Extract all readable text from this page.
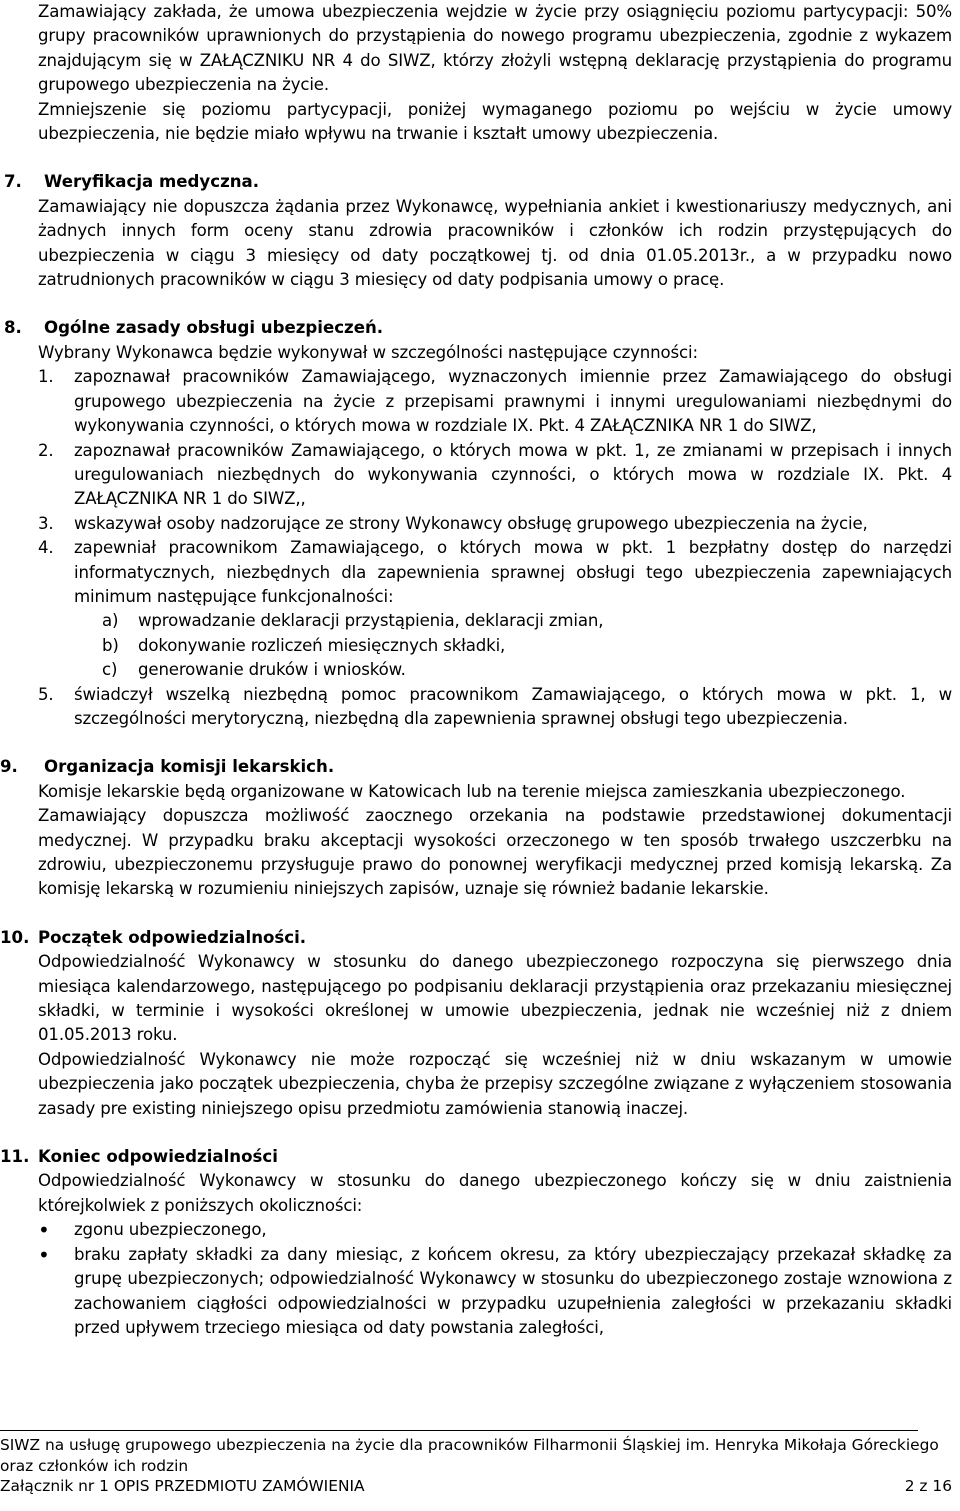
Zamawiający zakłada, że umowa ubezpieczenia wejdzie w życie przy osiągnięciu poziomu partycypacji: 50% grupy pracowników uprawnionych do przystąpienia do nowego programu ubezpieczenia, zgodnie z wykazem znajdującym się w ZAŁĄCZNIKU NR 4 do SIWZ, którzy złożyli wstępną deklarację przystąpienia do programu grupowego ubezpieczenia na życie.

Zmniejszenie się poziomu partycypacji, poniżej wymaganego poziomu po wejściu w życie umowy ubezpieczenia, nie będzie miało wpływu na trwanie i kształt umowy ubezpieczenia.

7.	Weryfikacja medyczna.

Zamawiający nie dopuszcza żądania przez Wykonawcę, wypełniania ankiet i kwestionariuszy medycznych, ani żadnych innych form oceny stanu zdrowia pracowników i członków ich rodzin przystępujących do ubezpieczenia w ciągu 3 miesięcy od daty początkowej tj. od dnia 01.05.2013r., a w przypadku nowo zatrudnionych pracowników w ciągu 3 miesięcy od daty podpisania umowy o pracę.

8.	Ogólne zasady obsługi ubezpieczeń.

Wybrany Wykonawca będzie wykonywał w szczególności następujące czynności:

1.	zapoznawał pracowników Zamawiającego, wyznaczonych imiennie przez Zamawiającego do obsługi grupowego ubezpieczenia na życie z przepisami prawnymi i innymi uregulowaniami niezbędnymi do wykonywania czynności, o których mowa w rozdziale IX. Pkt. 4 ZAŁĄCZNIKA NR 1 do SIWZ,
2.	zapoznawał pracowników Zamawiającego, o których mowa w pkt. 1, ze zmianami w przepisach i innych uregulowaniach niezbędnych do wykonywania czynności, o których mowa w rozdziale IX. Pkt. 4 ZAŁĄCZNIKA NR 1 do SIWZ,,
3.	wskazywał osoby nadzorujące ze strony Wykonawcy obsługę grupowego ubezpieczenia na życie,
4.	zapewniał pracownikom Zamawiającego, o których mowa w pkt. 1 bezpłatny dostęp do narzędzi informatycznych, niezbędnych dla zapewnienia sprawnej obsługi tego ubezpieczenia zapewniających minimum następujące funkcjonalności:
a)	wprowadzanie deklaracji przystąpienia, deklaracji zmian,
b)	dokonywanie rozliczeń miesięcznych składki,
c)	generowanie druków i wniosków.
5.	świadczył wszelką niezbędną pomoc pracownikom Zamawiającego, o których mowa w pkt. 1, w szczególności merytoryczną, niezbędną dla zapewnienia sprawnej obsługi tego ubezpieczenia.
9.	Organizacja komisji lekarskich.

Komisje lekarskie będą organizowane w Katowicach lub na terenie miejsca zamieszkania ubezpieczonego.

Zamawiający dopuszcza możliwość zaocznego orzekania na podstawie przedstawionej dokumentacji medycznej. W przypadku braku akceptacji wysokości orzeczonego w ten sposób trwałego uszczerbku na zdrowiu, ubezpieczonemu przysługuje prawo do ponownej weryfikacji medycznej przed komisją lekarską. Za komisję lekarską w rozumieniu niniejszych zapisów, uznaje się również badanie lekarskie.

10. Początek odpowiedzialności.

Odpowiedzialność Wykonawcy w stosunku do danego ubezpieczonego rozpoczyna się pierwszego dnia miesiąca kalendarzowego, następującego po podpisaniu deklaracji przystąpienia oraz przekazaniu miesięcznej składki, w terminie i wysokości określonej w umowie ubezpieczenia, jednak nie wcześniej niż z dniem 01.05.2013 roku.

Odpowiedzialność Wykonawcy nie może rozpocząć się wcześniej niż w dniu wskazanym w umowie ubezpieczenia jako początek ubezpieczenia, chyba że przepisy szczególne związane z wyłączeniem stosowania zasady pre existing niniejszego opisu przedmiotu zamówienia stanowią inaczej.

11. Koniec odpowiedzialności

Odpowiedzialność Wykonawcy w stosunku do danego ubezpieczonego kończy się w dniu zaistnienia którejkolwiek z poniższych okoliczności:

•	zgonu ubezpieczonego,
•	braku zapłaty składki za dany miesiąc, z końcem okresu, za który ubezpieczający przekazał składkę za grupę ubezpieczonych; odpowiedzialność Wykonawcy w stosunku do ubezpieczonego zostaje wznowiona z zachowaniem ciągłości odpowiedzialności w przypadku uzupełnienia zaległości w przekazaniu składki przed upływem trzeciego miesiąca od daty powstania zaległości,
SIWZ na usługę grupowego ubezpieczenia na życie dla pracowników Filharmonii Śląskiej im. Henryka Mikołaja Góreckiego oraz członków ich rodzin
Załącznik nr 1 OPIS PRZEDMIOTU ZAMÓWIENIA	2 z 16
